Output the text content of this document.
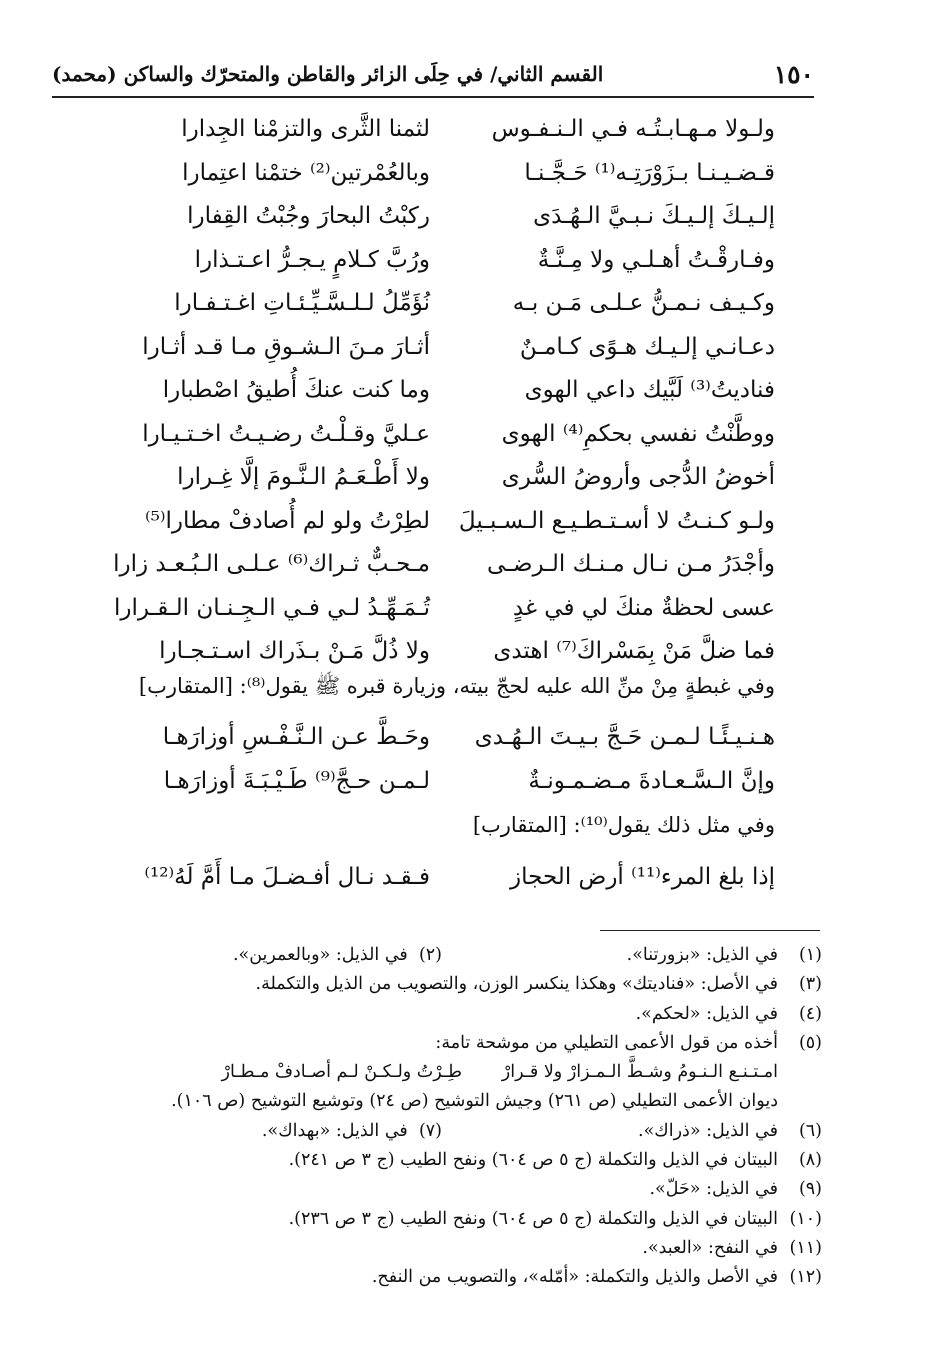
١٥٠
القسم الثاني/ في حِلَى الزائر والقاطن والمتحرّك والساكن (محمد)
ولـولا مـهـابـتُـه فـي الـنـفـوس
لثمنا الثَّرى والتزمْنا الجِدارا
قـضـيـنـا بـزَوْرَتِـه⁽¹⁾ حَـجَّـنـا
وبالعُمْرتين⁽²⁾ ختمْنا اعتِمارا
إلـيـكَ إلـيـكَ نـبـيَّ الـهُـدَى
ركبْتُ البحارَ وجُبْتُ القِفارا
وفـارقْـتُ أهـلـي ولا مِـنَّـةٌ
ورُبَّ كـلامٍ يـجـرُّ اعـتـذارا
وكـيـف نـمـنُّ عـلـى مَـن بـه
نُؤَمِّلُ لـلـسَّـيِّـئـاتِ اغـتـفـارا
دعـانـي إلـيـك هـوًى كـامـنٌ
أثـارَ مـنَ الـشـوقِ مـا قـد أثـارا
فناديتُ⁽³⁾ لَبَّيك داعي الهوى
وما كنت عنكَ أُطيقُ اصْطبارا
ووطَّنْتُ نفسي بحكمِ⁽⁴⁾ الهوى
عـليَّ وقـلْـتُ رضـيـتُ اخـتـيـارا
أخوضُ الدُّجى وأروضُ السُّرى
ولا أَطْـعَـمُ الـنَّـومَ إلَّا غِـرارا
ولـو كـنـتُ لا أسـتـطـيـع الـسـبـيلَ
لطِرْتُ ولو لم أُصادفْ مطارا⁽⁵⁾
وأجْدَرُ مـن نـال مـنـك الـرضـى
مـحـبٌّ ثـراك⁽⁶⁾ عـلـى الـبُـعـد زارا
عسى لحظةٌ منكَ لي في غدٍ
تُـمَـهِّـدُ لـي فـي الـجِـنـان الـقـرارا
فما ضلَّ مَنْ بِمَسْراكَ⁽⁷⁾ اهتدى
ولا ذُلَّ مَـنْ بـذَراك اسـتـجـارا
وفي غبطةٍ مِنْ منِّ الله عليه لحجّ بيته، وزيارة قبره ﷺ يقول⁽⁸⁾: [المتقارب]
هـنـيـئًـا لـمـن حَـجَّ بـيـتَ الـهُـدى
وحَـطَّ عـن الـنَّـفْـسِ أوزارَهـا
وإنَّ الـسَّـعـادةَ مـضـمـونـةٌ
لـمـن حـجَّ⁽⁹⁾ طَـيْـبَـةَ أوزارَهـا
وفي مثل ذلك يقول⁽¹⁰⁾: [المتقارب]
إذا بلغ المرء⁽¹¹⁾ أرض الحجاز
فـقـد نـال أفـضـلَ مـا أَمَّ لَهُ⁽¹²⁾
(١)
في الذيل: «بزورتنا».
(٢)  في الذيل: «وبالعمرين».
(٣)
في الأصل: «فناديتك» وهكذا ينكسر الوزن، والتصويب من الذيل والتكملة.
(٤)
في الذيل: «لحكم».
(٥)
أخذه من قول الأعمى التطيلي من موشحة تامة:
امـتـنـع الـنـومُ وشـطَّ الـمـزارْ ولا قـرارْ
طِـرْتُ ولـكـنْ لـم أصـادفْ مـطـارْ
ديوان الأعمى التطيلي (ص ٢٦١) وجيش التوشيح (ص ٢٤) وتوشيع التوشيح (ص ١٠٦).
(٦)
في الذيل: «ذراك».
(٧)  في الذيل: «بهداك».
(٨)
البيتان في الذيل والتكملة (ج ٥ ص ٦٠٤) ونفح الطيب (ج ٣ ص ٢٤١).
(٩)
في الذيل: «حَلّ».
(١٠)
البيتان في الذيل والتكملة (ج ٥ ص ٦٠٤) ونفح الطيب (ج ٣ ص ٢٣٦).
(١١)
في النفح: «العبد».
(١٢)
في الأصل والذيل والتكملة: «أمّله»، والتصويب من النفح.
